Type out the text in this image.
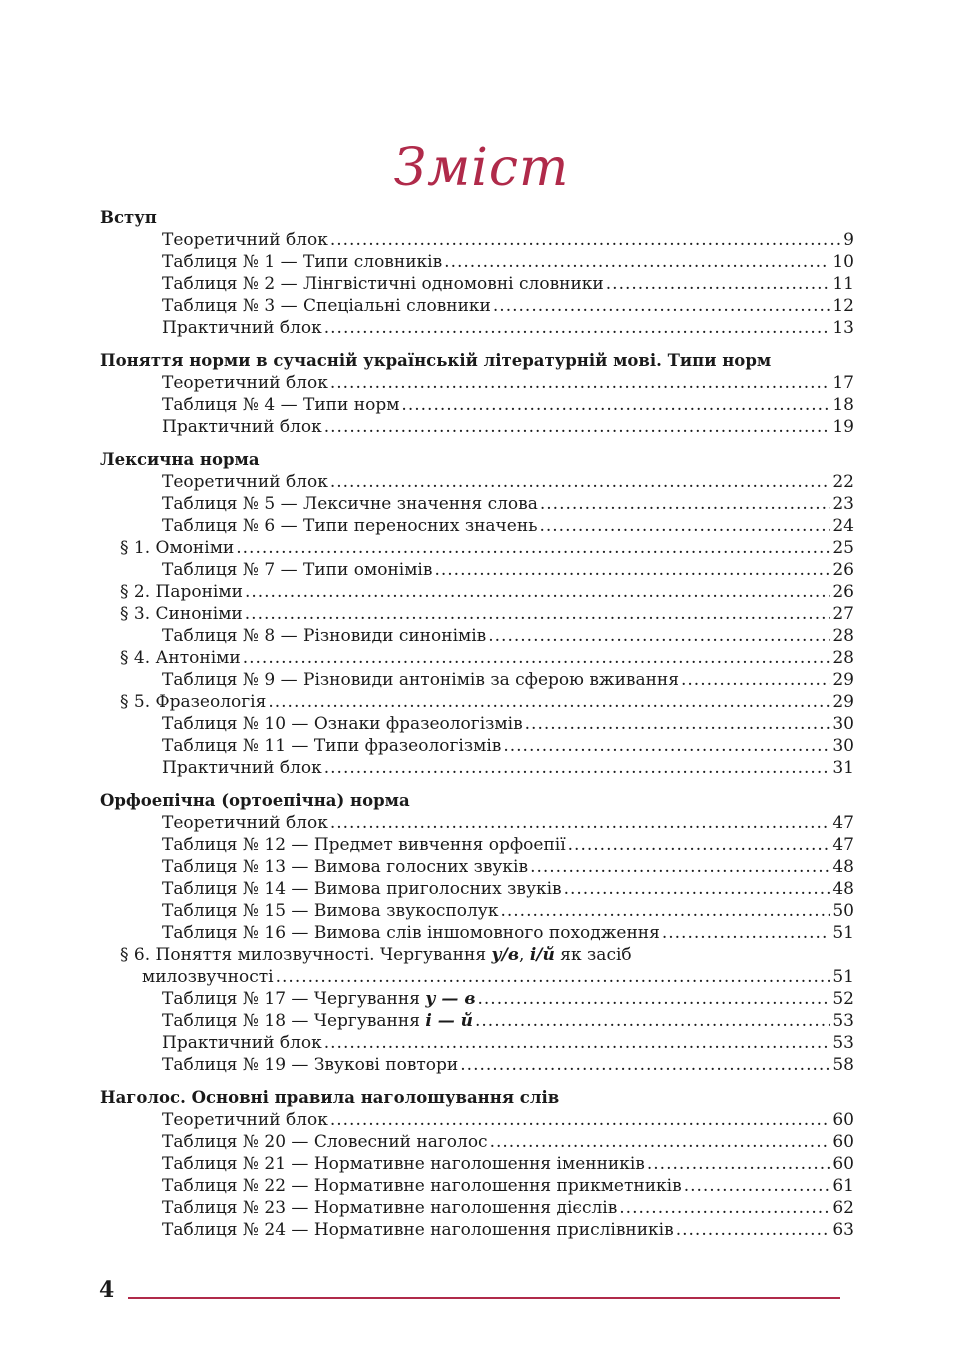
Зміст
Вступ
Теоретичний блок .....	9
Таблиця № 1 — Типи словників .....	10
Таблиця № 2 — Лінгвістичні одномовні словники .....	11
Таблиця № 3 — Спеціальні словники .....	12
Практичний блок .....	13
Поняття норми в сучасній українській літературній мові. Типи норм
Теоретичний блок .....	17
Таблиця № 4 — Типи норм .....	18
Практичний блок .....	19
Лексична норма
Теоретичний блок .....	22
Таблиця № 5 — Лексичне значення слова .....	23
Таблиця № 6 — Типи переносних значень .....	24
§ 1. Омоніми .....	25
Таблиця № 7 — Типи омонімів .....	26
§ 2. Пароніми .....	26
§ 3. Синоніми .....	27
Таблиця № 8 — Різновиди синонімів .....	28
§ 4. Антоніми .....	28
Таблиця № 9 — Різновиди антонімів за сферою вживання .....	29
§ 5. Фразеологія .....	29
Таблиця № 10 — Ознаки фразеологізмів .....	30
Таблиця № 11 — Типи фразеологізмів .....	30
Практичний блок .....	31
Орфоепічна (ортоепічна) норма
Теоретичний блок .....	47
Таблиця № 12 — Предмет вивчення орфоепії .....	47
Таблиця № 13 — Вимова голосних звуків .....	48
Таблиця № 14 — Вимова приголосних звуків .....	48
Таблиця № 15 — Вимова звукосполук .....	50
Таблиця № 16 — Вимова слів іншомовного походження .....	51
§ 6. Поняття милозвучності. Чергування у/в, і/й як засіб
милозвучності .....	51
Таблиця № 17 — Чергування у — в .....	52
Таблиця № 18 — Чергування і — й .....	53
Практичний блок .....	53
Таблиця № 19 — Звукові повтори .....	58
Наголос. Основні правила наголошування слів
Теоретичний блок .....	60
Таблиця № 20 — Словесний наголос .....	60
Таблиця № 21 — Нормативне наголошення іменників .....	60
Таблиця № 22 — Нормативне наголошення прикметників .....	61
Таблиця № 23 — Нормативне наголошення дієслів .....	62
Таблиця № 24 — Нормативне наголошення прислівників .....	63
4
